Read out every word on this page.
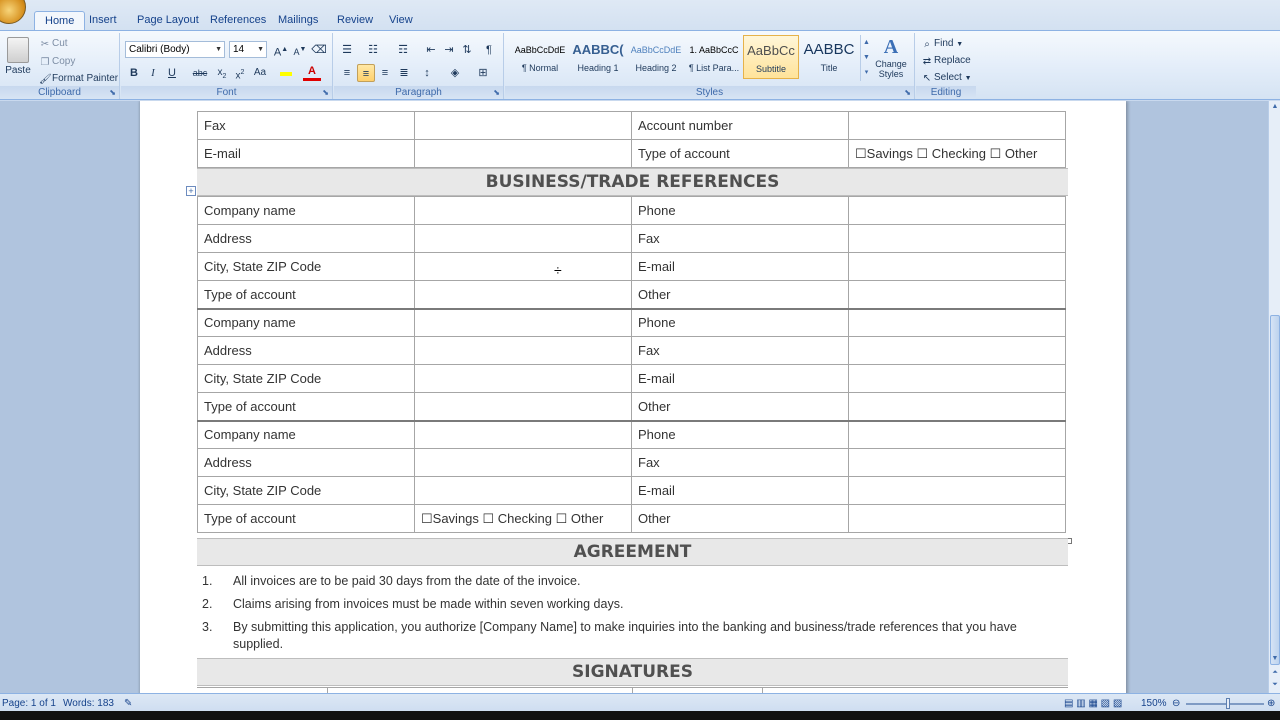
Home	Insert	Page Layout	References	Mailings	Review	View
Paste
✂ Cut
❐ Copy
🖌Format Painter
Clipboard	⬊
Calibri (Body)	▼	14 ▼ A▲ A▼ ⌫
B	I	U	abc	$x_2$ $x^2$ Aa	A
Font	⬊
☰	☷	☶	⇤ ⇥ ⇅	¶
≡	≡	≡	≣	↕	◈	⊞
Paragraph	⬊	Styles	⬊
AaBbCcDdE
¶ Normal
AABBC(
Heading 1
AaBbCcDdE
Heading 2
1. AaBbCcC
¶ List Para...
AaBbCc
Subtitle
AABBC
Title
▲
▼
▾
A
Change Styles
⌕ Find ▼
⇄ Replace
↖ Select ▼
Editing
Fax		Account number	
E-mail		Type of account	☐Savings ☐ Checking ☐ Other
+	BUSINESS/TRADE REFERENCES
Company name		Phone	
Address		Fax	
City, State ZIP Code		E-mail	
Type of account		Other	
Company name		Phone	
Address		Fax	
City, State ZIP Code		E-mail	
Type of account		Other	
Company name		Phone	
Address		Fax	
City, State ZIP Code		E-mail	
Type of account	☐Savings ☐ Checking ☐ Other	Other	
÷
AGREEMENT
1. All invoices are to be paid 30 days from the date of the invoice.
2. Claims arising from invoices must be made within seven working days.
3. By submitting this application, you authorize [Company Name] to make inquiries into the banking and business/trade references that you have supplied.
SIGNATURES
▲
▼
⏶
⏷
Page: 1 of 1 Words: 183 ✎	▤ ▥ ▦ ▧ ▨ 150% ⊖	⊕
